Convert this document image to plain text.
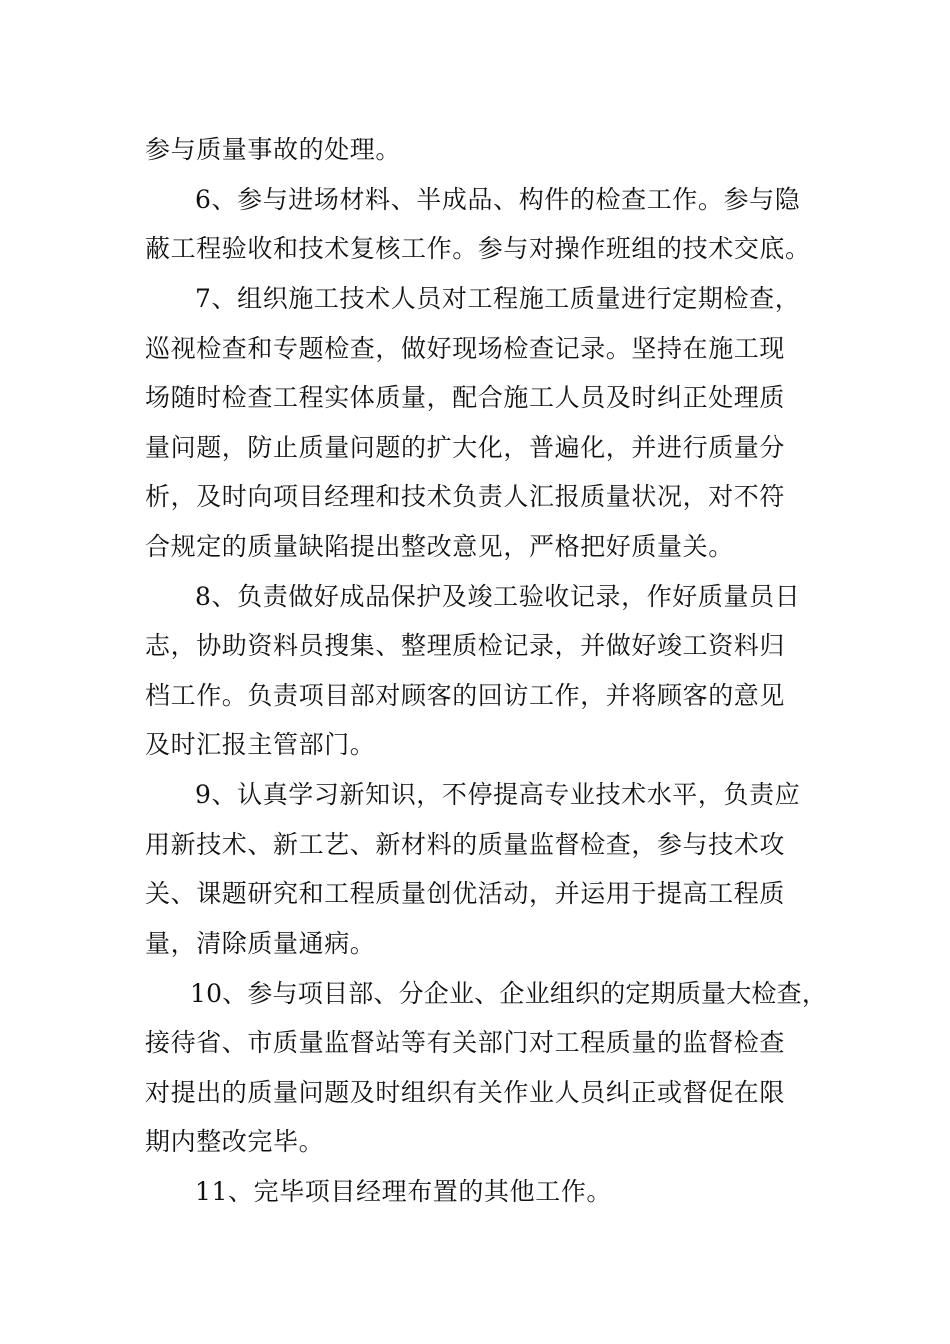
参与质量事故的处理。
6、参与进场材料、半成品、构件的检查工作。参与隐
蔽工程验收和技术复核工作。参与对操作班组的技术交底。
7、组织施工技术人员对工程施工质量进行定期检查，
巡视检查和专题检查，做好现场检查记录。坚持在施工现
场随时检查工程实体质量，配合施工人员及时纠正处理质
量问题，防止质量问题的扩大化，普遍化，并进行质量分
析，及时向项目经理和技术负责人汇报质量状况，对不符
合规定的质量缺陷提出整改意见，严格把好质量关。
8、负责做好成品保护及竣工验收记录，作好质量员日
志，协助资料员搜集、整理质检记录，并做好竣工资料归
档工作。负责项目部对顾客的回访工作，并将顾客的意见
及时汇报主管部门。
9、认真学习新知识，不停提高专业技术水平，负责应
用新技术、新工艺、新材料的质量监督检查，参与技术攻
关、课题研究和工程质量创优活动，并运用于提高工程质
量，清除质量通病。
10、参与项目部、分企业、企业组织的定期质量大检查，
接待省、市质量监督站等有关部门对工程质量的监督检查
对提出的质量问题及时组织有关作业人员纠正或督促在限
期内整改完毕。
11、完毕项目经理布置的其他工作。
